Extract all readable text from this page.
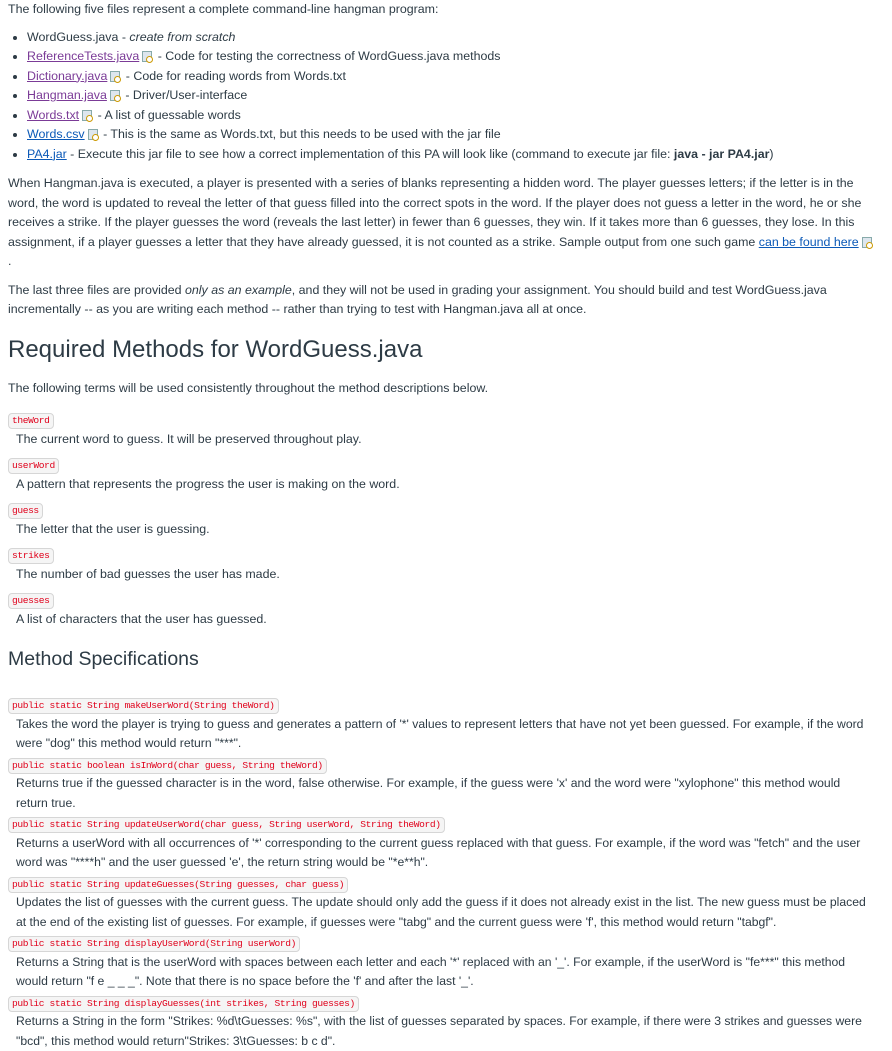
The following five files represent a complete command-line hangman program:

• WordGuess.java - create from scratch
• ReferenceTests.java - Code for testing the correctness of WordGuess.java methods
• Dictionary.java - Code for reading words from Words.txt
• Hangman.java - Driver/User-interface
• Words.txt - A list of guessable words
• Words.csv - This is the same as Words.txt, but this needs to be used with the jar file
• PA4.jar - Execute this jar file to see how a correct implementation of this PA will look like (command to execute jar file: java - jar PA4.jar)

When Hangman.java is executed, a player is presented with a series of blanks representing a hidden word. The player guesses letters; if the letter is in the word, the word is updated to reveal the letter of that guess filled into the correct spots in the word. If the player does not guess a letter in the word, he or she receives a strike. If the player guesses the word (reveals the last letter) in fewer than 6 guesses, they win. If it takes more than 6 guesses, they lose. In this assignment, if a player guesses a letter that they have already guessed, it is not counted as a strike. Sample output from one such game can be found here.

The last three files are provided only as an example, and they will not be used in grading your assignment. You should build and test WordGuess.java incrementally -- as you are writing each method -- rather than trying to test with Hangman.java all at once.

Required Methods for WordGuess.java

The following terms will be used consistently throughout the method descriptions below.

theWord
The current word to guess. It will be preserved throughout play.
userWord
A pattern that represents the progress the user is making on the word.
guess
The letter that the user is guessing.
strikes
The number of bad guesses the user has made.
guesses
A list of characters that the user has guessed.
Method Specifications
public static String makeUserWord(String theWord)
Takes the word the player is trying to guess and generates a pattern of '*' values to represent letters that have not yet been guessed. For example, if the word were "dog" this method would return "***".
public static boolean isInWord(char guess, String theWord)
Returns true if the guessed character is in the word, false otherwise. For example, if the guess were 'x' and the word were "xylophone" this method would return true.
public static String updateUserWord(char guess, String userWord, String theWord)
Returns a userWord with all occurrences of '*' corresponding to the current guess replaced with that guess. For example, if the word was "fetch" and the user word was "****h" and the user guessed 'e', the return string would be "*e**h".
public static String updateGuesses(String guesses, char guess)
Updates the list of guesses with the current guess. The update should only add the guess if it does not already exist in the list. The new guess must be placed at the end of the existing list of guesses. For example, if guesses were "tabg" and the current guess were 'f', this method would return "tabgf".
public static String displayUserWord(String userWord)
Returns a String that is the userWord with spaces between each letter and each '*' replaced with an '_'. For example, if the userWord is "fe***" this method would return "f e _ _ _". Note that there is no space before the 'f' and after the last '_'.
public static String displayGuesses(int strikes, String guesses)
Returns a String in the form "Strikes: %d\tGuesses: %s", with the list of guesses separated by spaces. For example, if there were 3 strikes and guesses were "bcd", this method would return"Strikes: 3\tGuesses: b c d".
